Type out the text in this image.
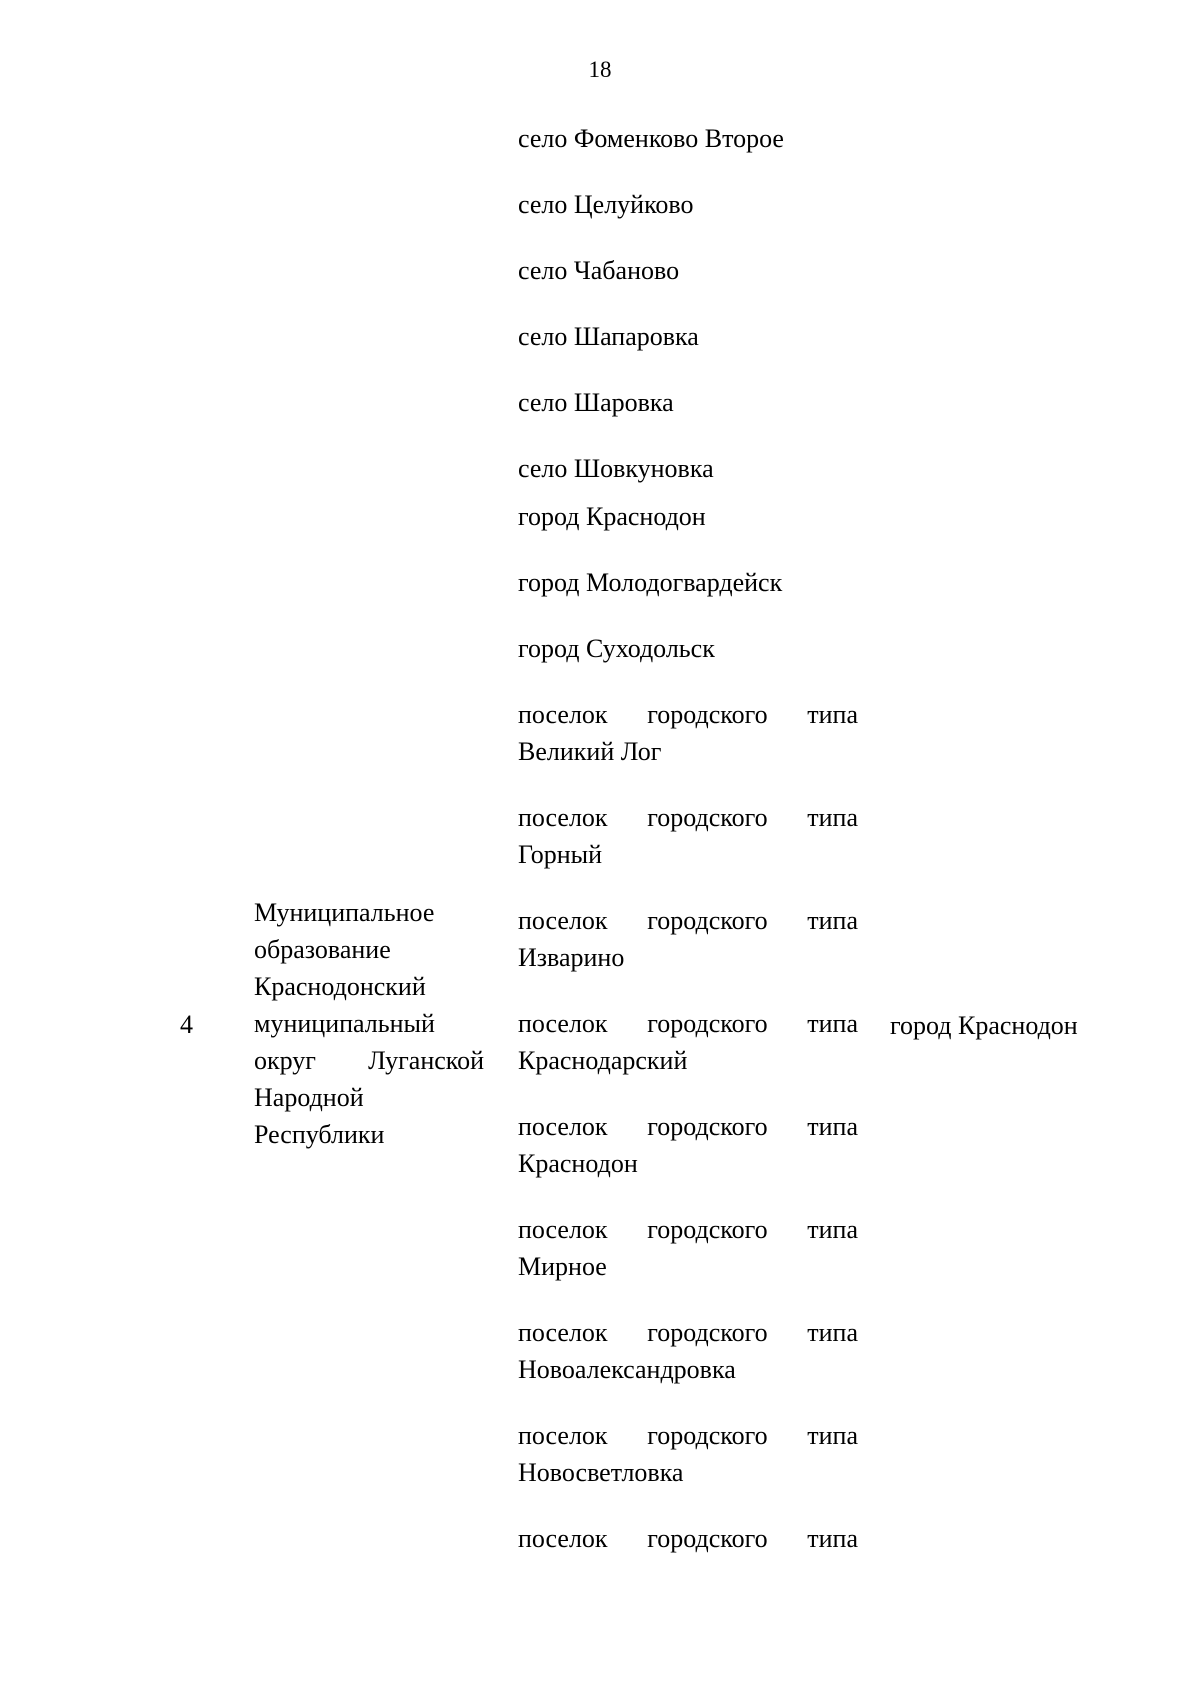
18
4
Муниципальное
образование
Краснодонский
муниципальный
округ Луганской
Народной
Республики
село Фоменково Второе
село Целуйково
село Чабаново
село Шапаровка
село Шаровка
село Шовкуновка
город Краснодон
город Молодогвардейск
город Суходольск
поселок городского типа
Великий Лог
поселок городского типа
Горный
поселок городского типа
Изварино
поселок городского типа
Краснодарский
поселок городского типа
Краснодон
поселок городского типа
Мирное
поселок городского типа
Новоалександровка
поселок городского типа
Новосветловка
поселок городского типа
город Краснодон
